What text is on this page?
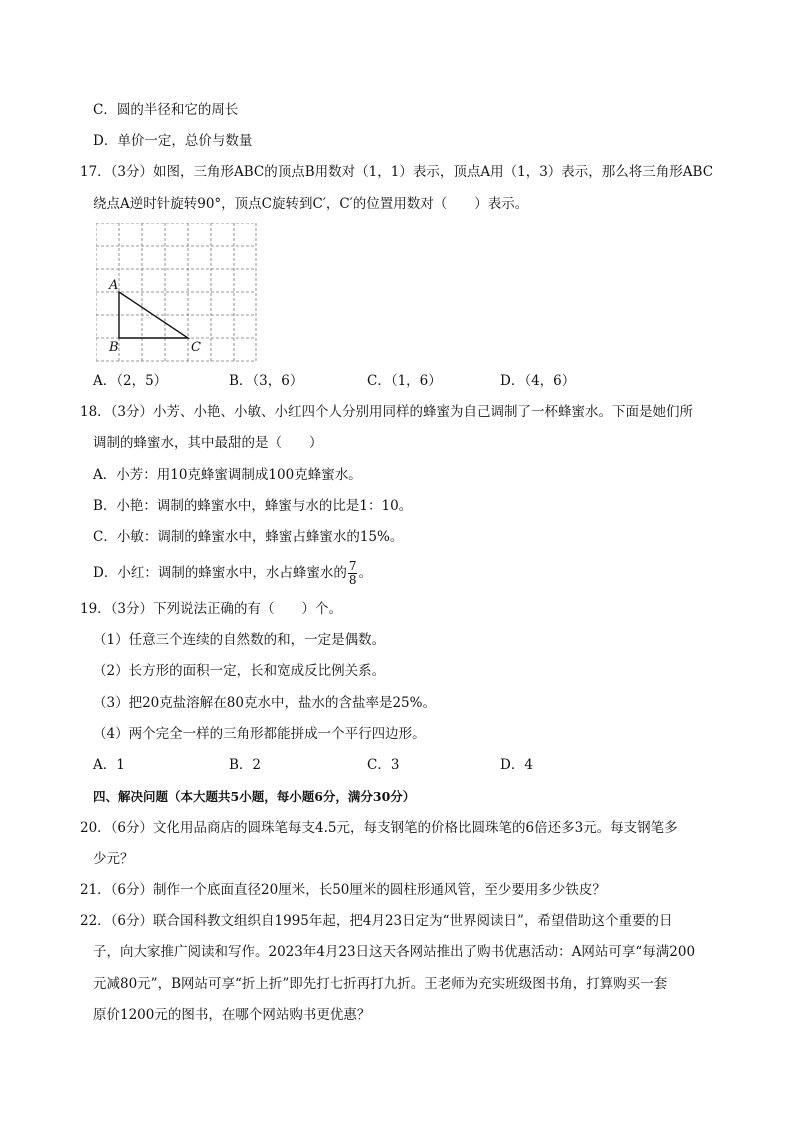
C．圆的半径和它的周长
D．单价一定，总价与数量
17．（3分）如图，三角形ABC的顶点B用数对（1，1）表示，顶点A用（1，3）表示，那么将三角形ABC
绕点A逆时针旋转90°，顶点C旋转到C′，C′的位置用数对（　　）表示。
A
B	C
A．（2，5）	B．（3，6）	C．（1，6）	D．（4，6）
18．（3分）小芳、小艳、小敏、小红四个人分别用同样的蜂蜜为自己调制了一杯蜂蜜水。下面是她们所
调制的蜂蜜水，其中最甜的是（　　）
A．小芳：用10克蜂蜜调制成100克蜂蜜水。
B．小艳：调制的蜂蜜水中，蜂蜜与水的比是1：10。
C．小敏：调制的蜂蜜水中，蜂蜜占蜂蜜水的15%。
D．小红：调制的蜂蜜水中，水占蜂蜜水的 $\frac{7}{8}$ 。
19．（3分）下列说法正确的有（　　）个。
（1）任意三个连续的自然数的和，一定是偶数。
（2）长方形的面积一定，长和宽成反比例关系。
（3）把20克盐溶解在80克水中，盐水的含盐率是25%。
（4）两个完全一样的三角形都能拼成一个平行四边形。
A．1	B．2	C．3	D．4
四、解决问题（本大题共5小题，每小题6分，满分30分）
20．（6分）文化用品商店的圆珠笔每支4.5元，每支钢笔的价格比圆珠笔的6倍还多3元。每支钢笔多
少元？
21．（6分）制作一个底面直径20厘米，长50厘米的圆柱形通风管，至少要用多少铁皮？
22．（6分）联合国科教文组织自1995年起，把4月23日定为“世界阅读日”，希望借助这个重要的日
子，向大家推广阅读和写作。2023年4月23日这天各网站推出了购书优惠活动：A网站可享“每满200
元减80元”，B网站可享“折上折”即先打七折再打九折。王老师为充实班级图书角，打算购买一套
原价1200元的图书，在哪个网站购书更优惠？
